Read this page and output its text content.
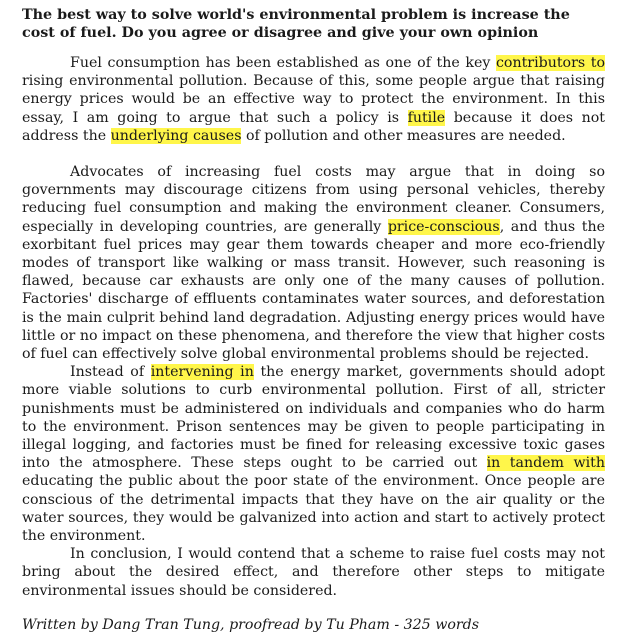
The best way to solve world's environmental problem is increase the cost of fuel. Do you agree or disagree and give your own opinion

Fuel consumption has been established as one of the key contributors to rising environmental pollution. Because of this, some people argue that raising energy prices would be an effective way to protect the environment. In this essay, I am going to argue that such a policy is futile because it does not address the underlying causes of pollution and other measures are needed.

Advocates of increasing fuel costs may argue that in doing so governments may discourage citizens from using personal vehicles, thereby reducing fuel consumption and making the environment cleaner. Consumers, especially in developing countries, are generally price-conscious, and thus the exorbitant fuel prices may gear them towards cheaper and more eco-friendly modes of transport like walking or mass transit. However, such reasoning is flawed, because car exhausts are only one of the many causes of pollution. Factories' discharge of effluents contaminates water sources, and deforestation is the main culprit behind land degradation. Adjusting energy prices would have little or no impact on these phenomena, and therefore the view that higher costs of fuel can effectively solve global environmental problems should be rejected.

Instead of intervening in the energy market, governments should adopt more viable solutions to curb environmental pollution. First of all, stricter punishments must be administered on individuals and companies who do harm to the environment. Prison sentences may be given to people participating in illegal logging, and factories must be fined for releasing excessive toxic gases into the atmosphere. These steps ought to be carried out in tandem with educating the public about the poor state of the environment. Once people are conscious of the detrimental impacts that they have on the air quality or the water sources, they would be galvanized into action and start to actively protect the environment.

In conclusion, I would contend that a scheme to raise fuel costs may not bring about the desired effect, and therefore other steps to mitigate environmental issues should be considered.

Written by Dang Tran Tung, proofread by Tu Pham - 325 words
